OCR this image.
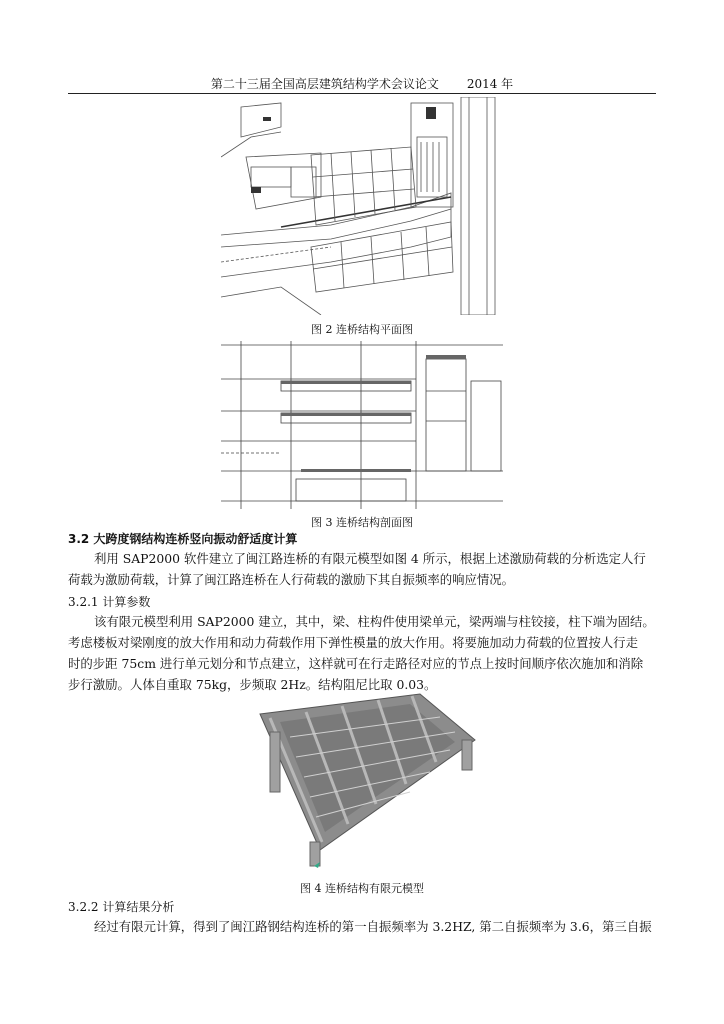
第二十三届全国高层建筑结构学术会议论文 2014 年
图 2 连桥结构平面图
图 3 连桥结构剖面图
3.2 大跨度钢结构连桥竖向振动舒适度计算
利用 SAP2000 软件建立了闽江路连桥的有限元模型如图 4 所示，根据上述激励荷载的分析选定人行
荷载为激励荷载，计算了闽江路连桥在人行荷载的激励下其自振频率的响应情况。
3.2.1 计算参数
该有限元模型利用 SAP2000 建立，其中，梁、柱构件使用梁单元，梁两端与柱铰接，柱下端为固结。
考虑楼板对梁刚度的放大作用和动力荷载作用下弹性模量的放大作用。将要施加动力荷载的位置按人行走
时的步距 75cm 进行单元划分和节点建立，这样就可在行走路径对应的节点上按时间顺序依次施加和消除
步行激励。人体自重取 75kg，步频取 2Hz。结构阻尼比取 0.03。
图 4 连桥结构有限元模型
3.2.2 计算结果分析
经过有限元计算，得到了闽江路钢结构连桥的第一自振频率为 3.2HZ, 第二自振频率为 3.6，第三自振
